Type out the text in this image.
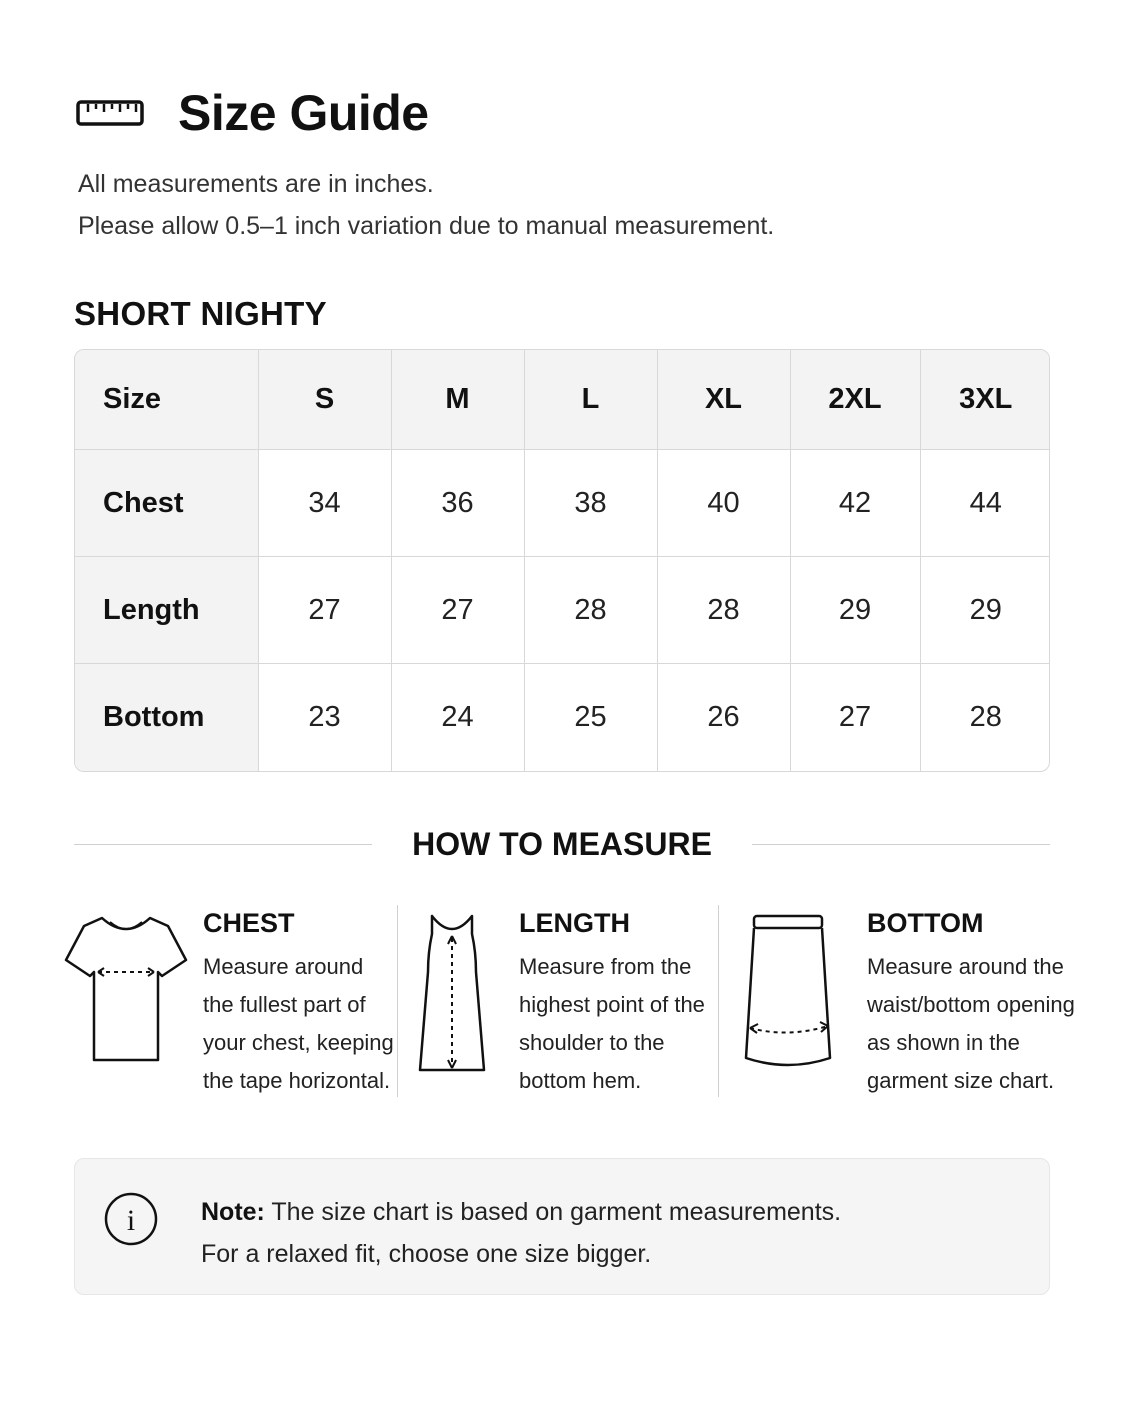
Size Guide
All measurements are in inches.
Please allow 0.5–1 inch variation due to manual measurement.
SHORT NIGHTY
Size	S	M	L	XL	2XL	3XL
Chest	34	36	38	40	42	44
Length	27	27	28	28	29	29
Bottom	23	24	25	26	27	28
HOW TO MEASURE
CHEST
Measure around
the fullest part of
your chest, keeping
the tape horizontal.
LENGTH
Measure from the
highest point of the
shoulder to the
bottom hem.
BOTTOM
Measure around the
waist/bottom opening
as shown in the
garment size chart.
i	Note: The size chart is based on garment measurements.
For a relaxed fit, choose one size bigger.
